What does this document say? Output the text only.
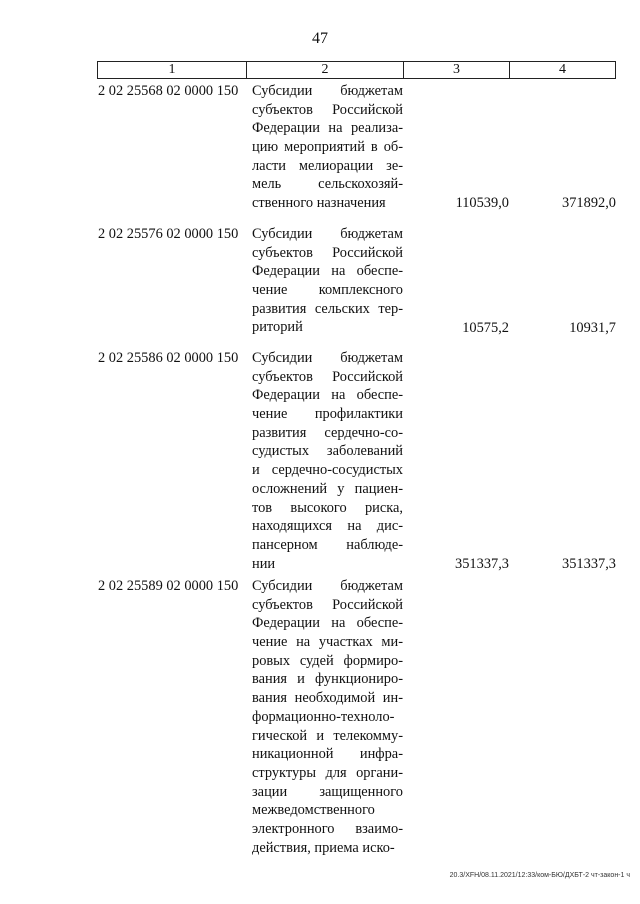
47
1	2	3	4
2 02 25568 02 0000 150 Субсидии бюджетам
субъектов Российской
Федерации на реализа-
цию мероприятий в об-
ласти мелиорации зе-
мель сельскохозяй-
ственного назначения	110539,0	371892,0
2 02 25576 02 0000 150 Субсидии бюджетам
субъектов Российской
Федерации на обеспе-
чение комплексного
развития сельских тер-
риторий	10575,2	10931,7
2 02 25586 02 0000 150 Субсидии бюджетам
субъектов Российской
Федерации на обеспе-
чение профилактики
развития сердечно-со-
судистых заболеваний
и сердечно-сосудистых
осложнений у пациен-
тов высокого риска,
находящихся на дис-
пансерном наблюде-
нии	351337,3	351337,3
2 02 25589 02 0000 150 Субсидии бюджетам
субъектов Российской
Федерации на обеспе-
чение на участках ми-
ровых судей формиро-
вания и функциониро-
вания необходимой ин-
формационно-техноло-
гической и телекомму-
никационной инфра-
структуры для органи-
зации защищенного
межведомственного
электронного взаимо-
действия, приема иско-
20.3/XFH/08.11.2021/12:33/ком-БЮ/ДХБТ-2 чт-закон-1 ч
